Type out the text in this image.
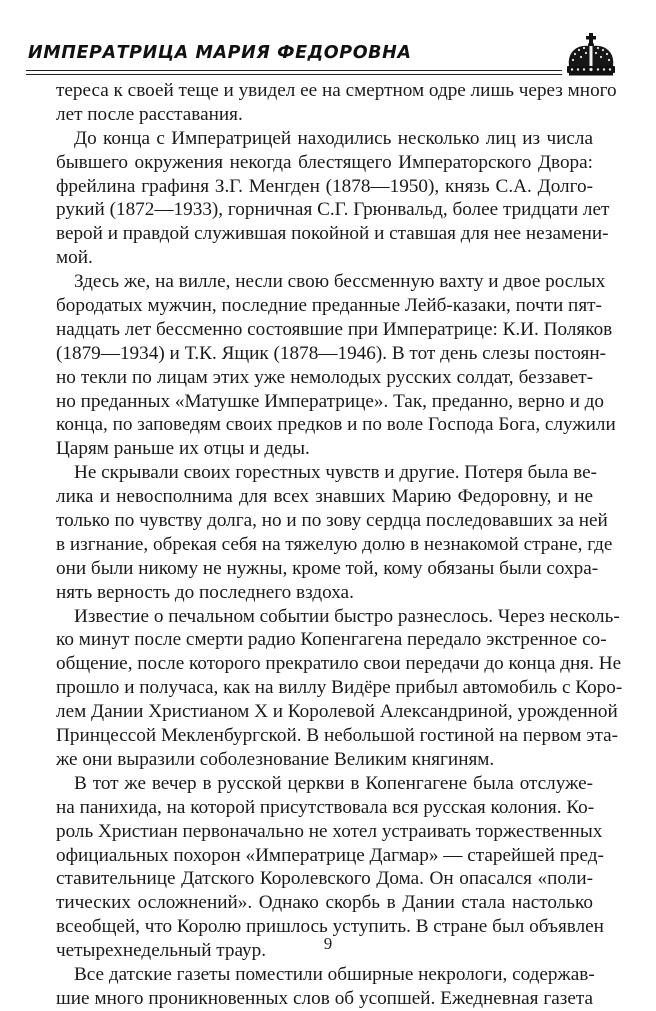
ИМПЕРАТРИЦА МАРИЯ ФЕДОРОВНА
тереса к своей теще и увидел ее на смертном одре лишь через много
лет после расставания.
До конца с Императрицей находились несколько лиц из числа
бывшего окружения некогда блестящего Императорского Двора:
фрейлина графиня З.Г. Менгден (1878—1950), князь С.А. Долго-
рукий (1872—1933), горничная С.Г. Грюнвальд, более тридцати лет
верой и правдой служившая покойной и ставшая для нее незамени-
мой.
Здесь же, на вилле, несли свою бессменную вахту и двое рослых
бородатых мужчин, последние преданные Лейб-казаки, почти пят-
надцать лет бессменно состоявшие при Императрице: К.И. Поляков
(1879—1934) и Т.К. Ящик (1878—1946). В тот день слезы постоян-
но текли по лицам этих уже немолодых русских солдат, беззавет-
но преданных «Матушке Императрице». Так, преданно, верно и до
конца, по заповедям своих предков и по воле Господа Бога, служили
Царям раньше их отцы и деды.
Не скрывали своих горестных чувств и другие. Потеря была ве-
лика и невосполнима для всех знавших Марию Федоровну, и не
только по чувству долга, но и по зову сердца последовавших за ней
в изгнание, обрекая себя на тяжелую долю в незнакомой стране, где
они были никому не нужны, кроме той, кому обязаны были сохра-
нять верность до последнего вздоха.
Известие о печальном событии быстро разнеслось. Через несколь-
ко минут после смерти радио Копенгагена передало экстренное со-
общение, после которого прекратило свои передачи до конца дня. Не
прошло и получаса, как на виллу Видёре прибыл автомобиль с Коро-
лем Дании Христианом X и Королевой Александриной, урожденной
Принцессой Мекленбургской. В небольшой гостиной на первом эта-
же они выразили соболезнование Великим княгиням.
В тот же вечер в русской церкви в Копенгагене была отслуже-
на панихида, на которой присутствовала вся русская колония. Ко-
роль Христиан первоначально не хотел устраивать торжественных
официальных похорон «Императрице Дагмар» — старейшей пред-
ставительнице Датского Королевского Дома. Он опасался «поли-
тических осложнений». Однако скорбь в Дании стала настолько
всеобщей, что Королю пришлось уступить. В стране был объявлен
четырехнедельный траур.
Все датские газеты поместили обширные некрологи, содержав-
шие много проникновенных слов об усопшей. Ежедневная газета
9
